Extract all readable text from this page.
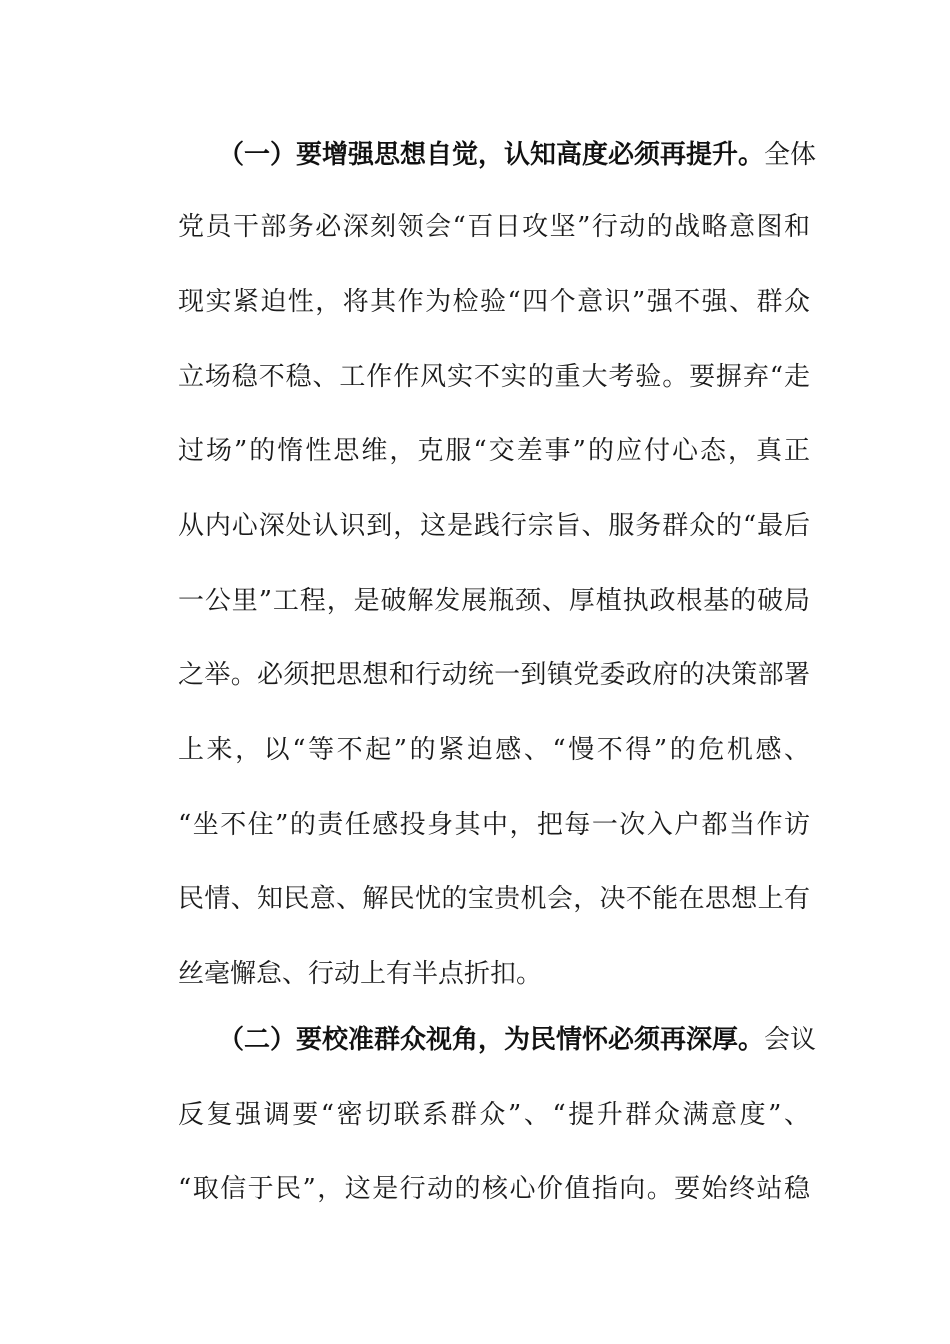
（一）要增强思想自觉，认知高度必须再提升。全体
党员干部务必深刻领会“百日攻坚”行动的战略意图和
现实紧迫性，将其作为检验“四个意识”强不强、群众
立场稳不稳、工作作风实不实的重大考验。要摒弃“走
过场”的惰性思维，克服“交差事”的应付心态，真正
从内心深处认识到，这是践行宗旨、服务群众的“最后
一公里”工程，是破解发展瓶颈、厚植执政根基的破局
之举。必须把思想和行动统一到镇党委政府的决策部署
上来，以“等不起”的紧迫感、“慢不得”的危机感、
“坐不住”的责任感投身其中，把每一次入户都当作访
民情、知民意、解民忧的宝贵机会，决不能在思想上有
丝毫懈怠、行动上有半点折扣。
（二）要校准群众视角，为民情怀必须再深厚。会议
反复强调要“密切联系群众”、“提升群众满意度”、
“取信于民”，这是行动的核心价值指向。要始终站稳
